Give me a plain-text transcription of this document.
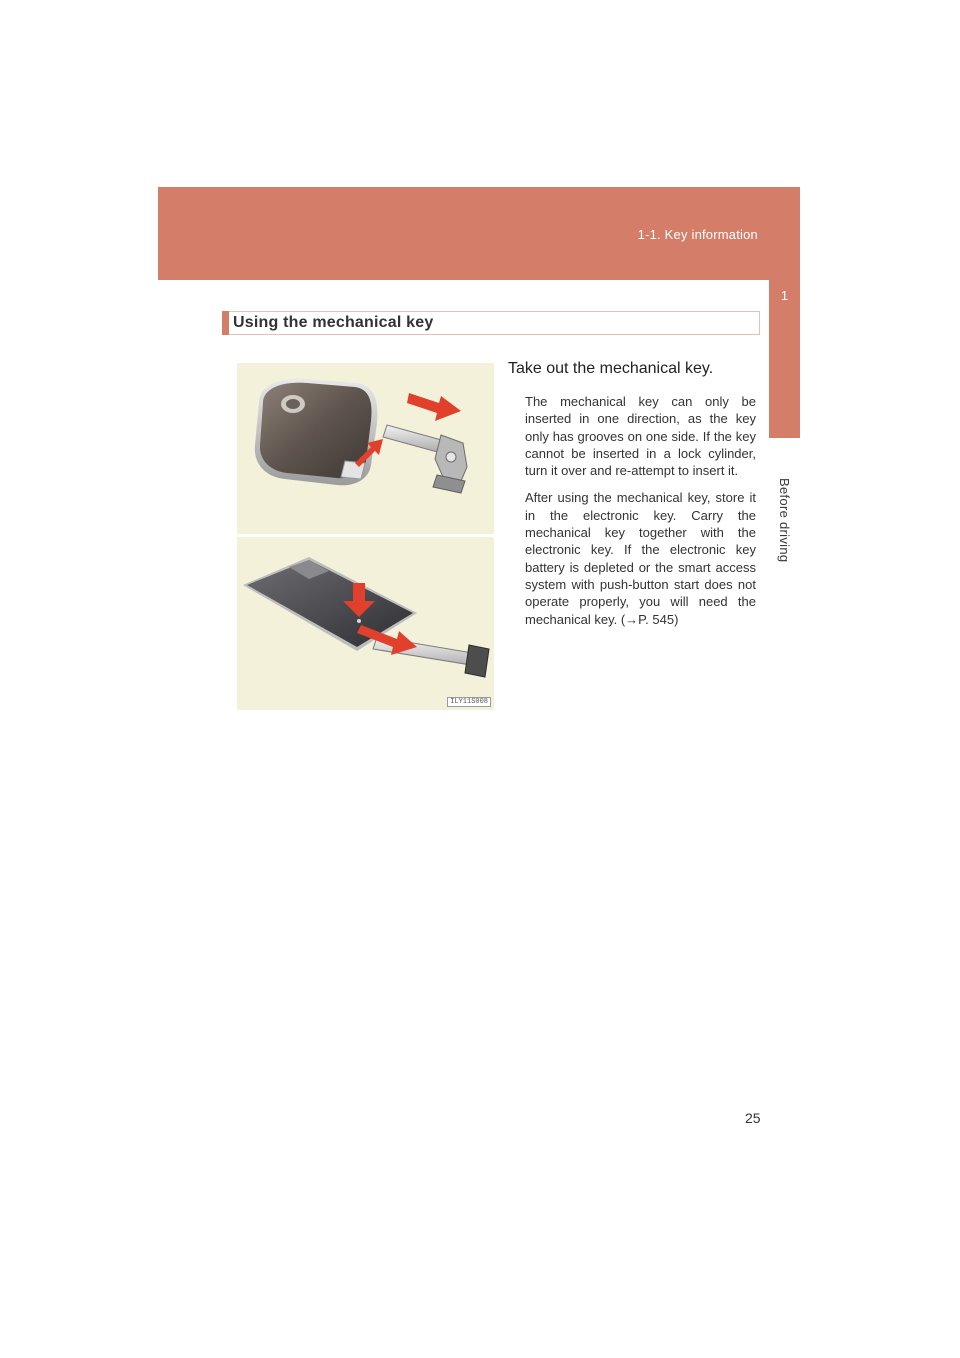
1-1. Key information
1
Before driving
Using the mechanical key
ILY11S008
Take out the mechanical key.

The mechanical key can only be inserted in one direction, as the key only has grooves on one side. If the key cannot be inserted in a lock cylinder, turn it over and re-attempt to insert it.

After using the mechanical key, store it in the electronic key. Carry the mechanical key together with the electronic key. If the electronic key battery is depleted or the smart access system with push-button start does not operate properly, you will need the mechanical key. (→P. 545)

25
